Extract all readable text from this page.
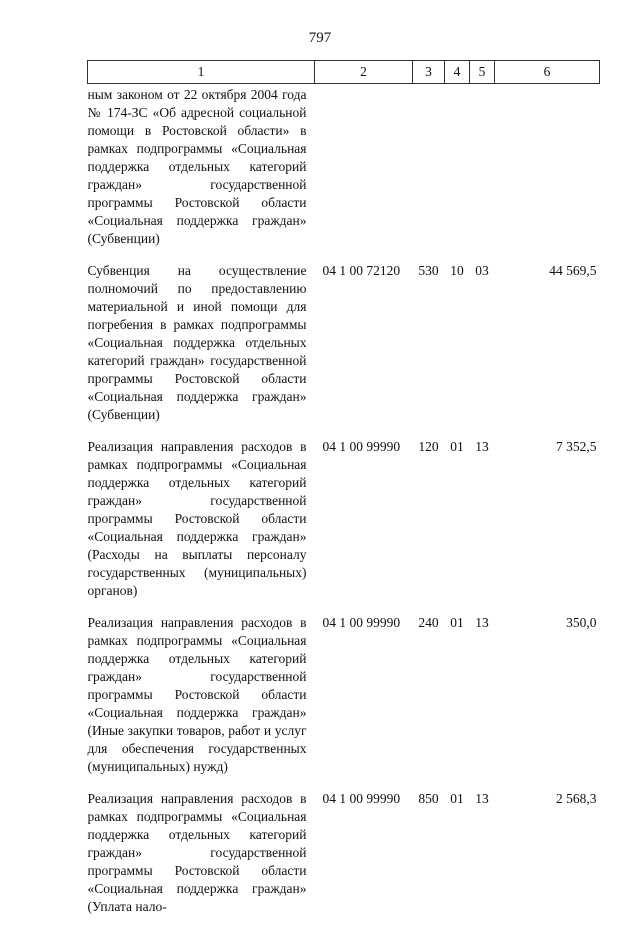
797
1	2	3	4	5	6
ным законом от 22 октября 2004 года № 174-ЗС «Об адресной социальной помощи в Ростовской области» в рамках подпрограммы «Социальная поддержка отдельных категорий граждан» государственной программы Ростовской области «Социальная поддержка граждан» (Субвенции)					
Субвенция на осуществление полномочий по предоставлению материальной и иной помощи для погребения в рамках подпрограммы «Социальная поддержка отдельных категорий граждан» государственной программы Ростовской области «Социальная поддержка граждан» (Субвенции)	04 1 00 72120	530	10	03	44 569,5
Реализация направления расходов в рамках подпрограммы «Социальная поддержка отдельных категорий граждан» государственной программы Ростовской области «Социальная поддержка граждан» (Расходы на выплаты персоналу государственных (муниципальных) органов)	04 1 00 99990	120	01	13	7 352,5
Реализация направления расходов в рамках подпрограммы «Социальная поддержка отдельных категорий граждан» государственной программы Ростовской области «Социальная поддержка граждан» (Иные закупки товаров, работ и услуг для обеспечения государственных (муниципальных) нужд)	04 1 00 99990	240	01	13	350,0
Реализация направления расходов в рамках подпрограммы «Социальная поддержка отдельных категорий граждан» государственной программы Ростовской области «Социальная поддержка граждан» (Уплата нало-	04 1 00 99990	850	01	13	2 568,3
